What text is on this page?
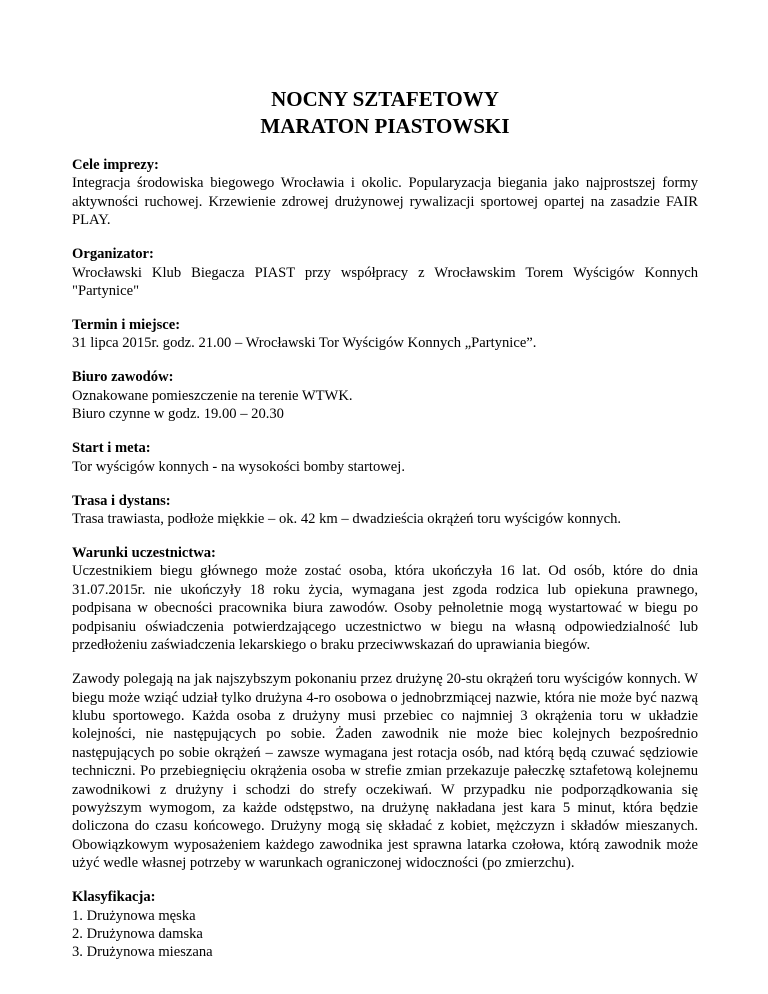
NOCNY SZTAFETOWY
MARATON PIASTOWSKI
Cele imprezy:
Integracja środowiska biegowego Wrocławia i okolic. Popularyzacja biegania jako najprostszej formy aktywności ruchowej. Krzewienie zdrowej drużynowej rywalizacji sportowej opartej na zasadzie FAIR PLAY.
Organizator:
Wrocławski Klub Biegacza PIAST przy współpracy z Wrocławskim Torem Wyścigów Konnych "Partynice"
Termin i miejsce:
31 lipca 2015r. godz. 21.00 – Wrocławski Tor Wyścigów Konnych „Partynice”.
Biuro zawodów:
Oznakowane pomieszczenie na terenie WTWK.
Biuro czynne w godz. 19.00 – 20.30
Start i meta:
Tor wyścigów konnych - na wysokości bomby startowej.
Trasa i dystans:
Trasa trawiasta, podłoże miękkie – ok. 42 km – dwadzieścia okrążeń toru wyścigów konnych.
Warunki uczestnictwa:
Uczestnikiem biegu głównego może zostać osoba, która ukończyła 16 lat. Od osób, które do dnia 31.07.2015r. nie ukończyły 18 roku życia, wymagana jest zgoda rodzica lub opiekuna prawnego, podpisana w obecności pracownika biura zawodów. Osoby pełnoletnie mogą wystartować w biegu po podpisaniu oświadczenia potwierdzającego uczestnictwo w biegu na własną odpowiedzialność lub przedłożeniu zaświadczenia lekarskiego o braku przeciwwskazań do uprawiania biegów.

Zawody polegają na jak najszybszym pokonaniu przez drużynę 20-stu okrążeń toru wyścigów konnych. W biegu może wziąć udział tylko drużyna 4-ro osobowa o jednobrzmiącej nazwie, która nie może być nazwą klubu sportowego. Każda osoba z drużyny musi przebiec co najmniej 3 okrążenia toru w układzie kolejności, nie następujących po sobie. Żaden zawodnik nie może biec kolejnych bezpośrednio następujących po sobie okrążeń – zawsze wymagana jest rotacja osób, nad którą będą czuwać sędziowie techniczni. Po przebiegnięciu okrążenia osoba w strefie zmian przekazuje pałeczkę sztafetową kolejnemu zawodnikowi z drużyny i schodzi do strefy oczekiwań. W przypadku nie podporządkowania się powyższym wymogom, za każde odstępstwo, na drużynę nakładana jest kara 5 minut, która będzie doliczona do czasu końcowego. Drużyny mogą się składać z kobiet, mężczyzn i składów mieszanych. Obowiązkowym wyposażeniem każdego zawodnika jest sprawna latarka czołowa, którą zawodnik może użyć wedle własnej potrzeby w warunkach ograniczonej widoczności (po zmierzchu).

Klasyfikacja:
1. Drużynowa męska
2. Drużynowa damska
3. Drużynowa mieszana
